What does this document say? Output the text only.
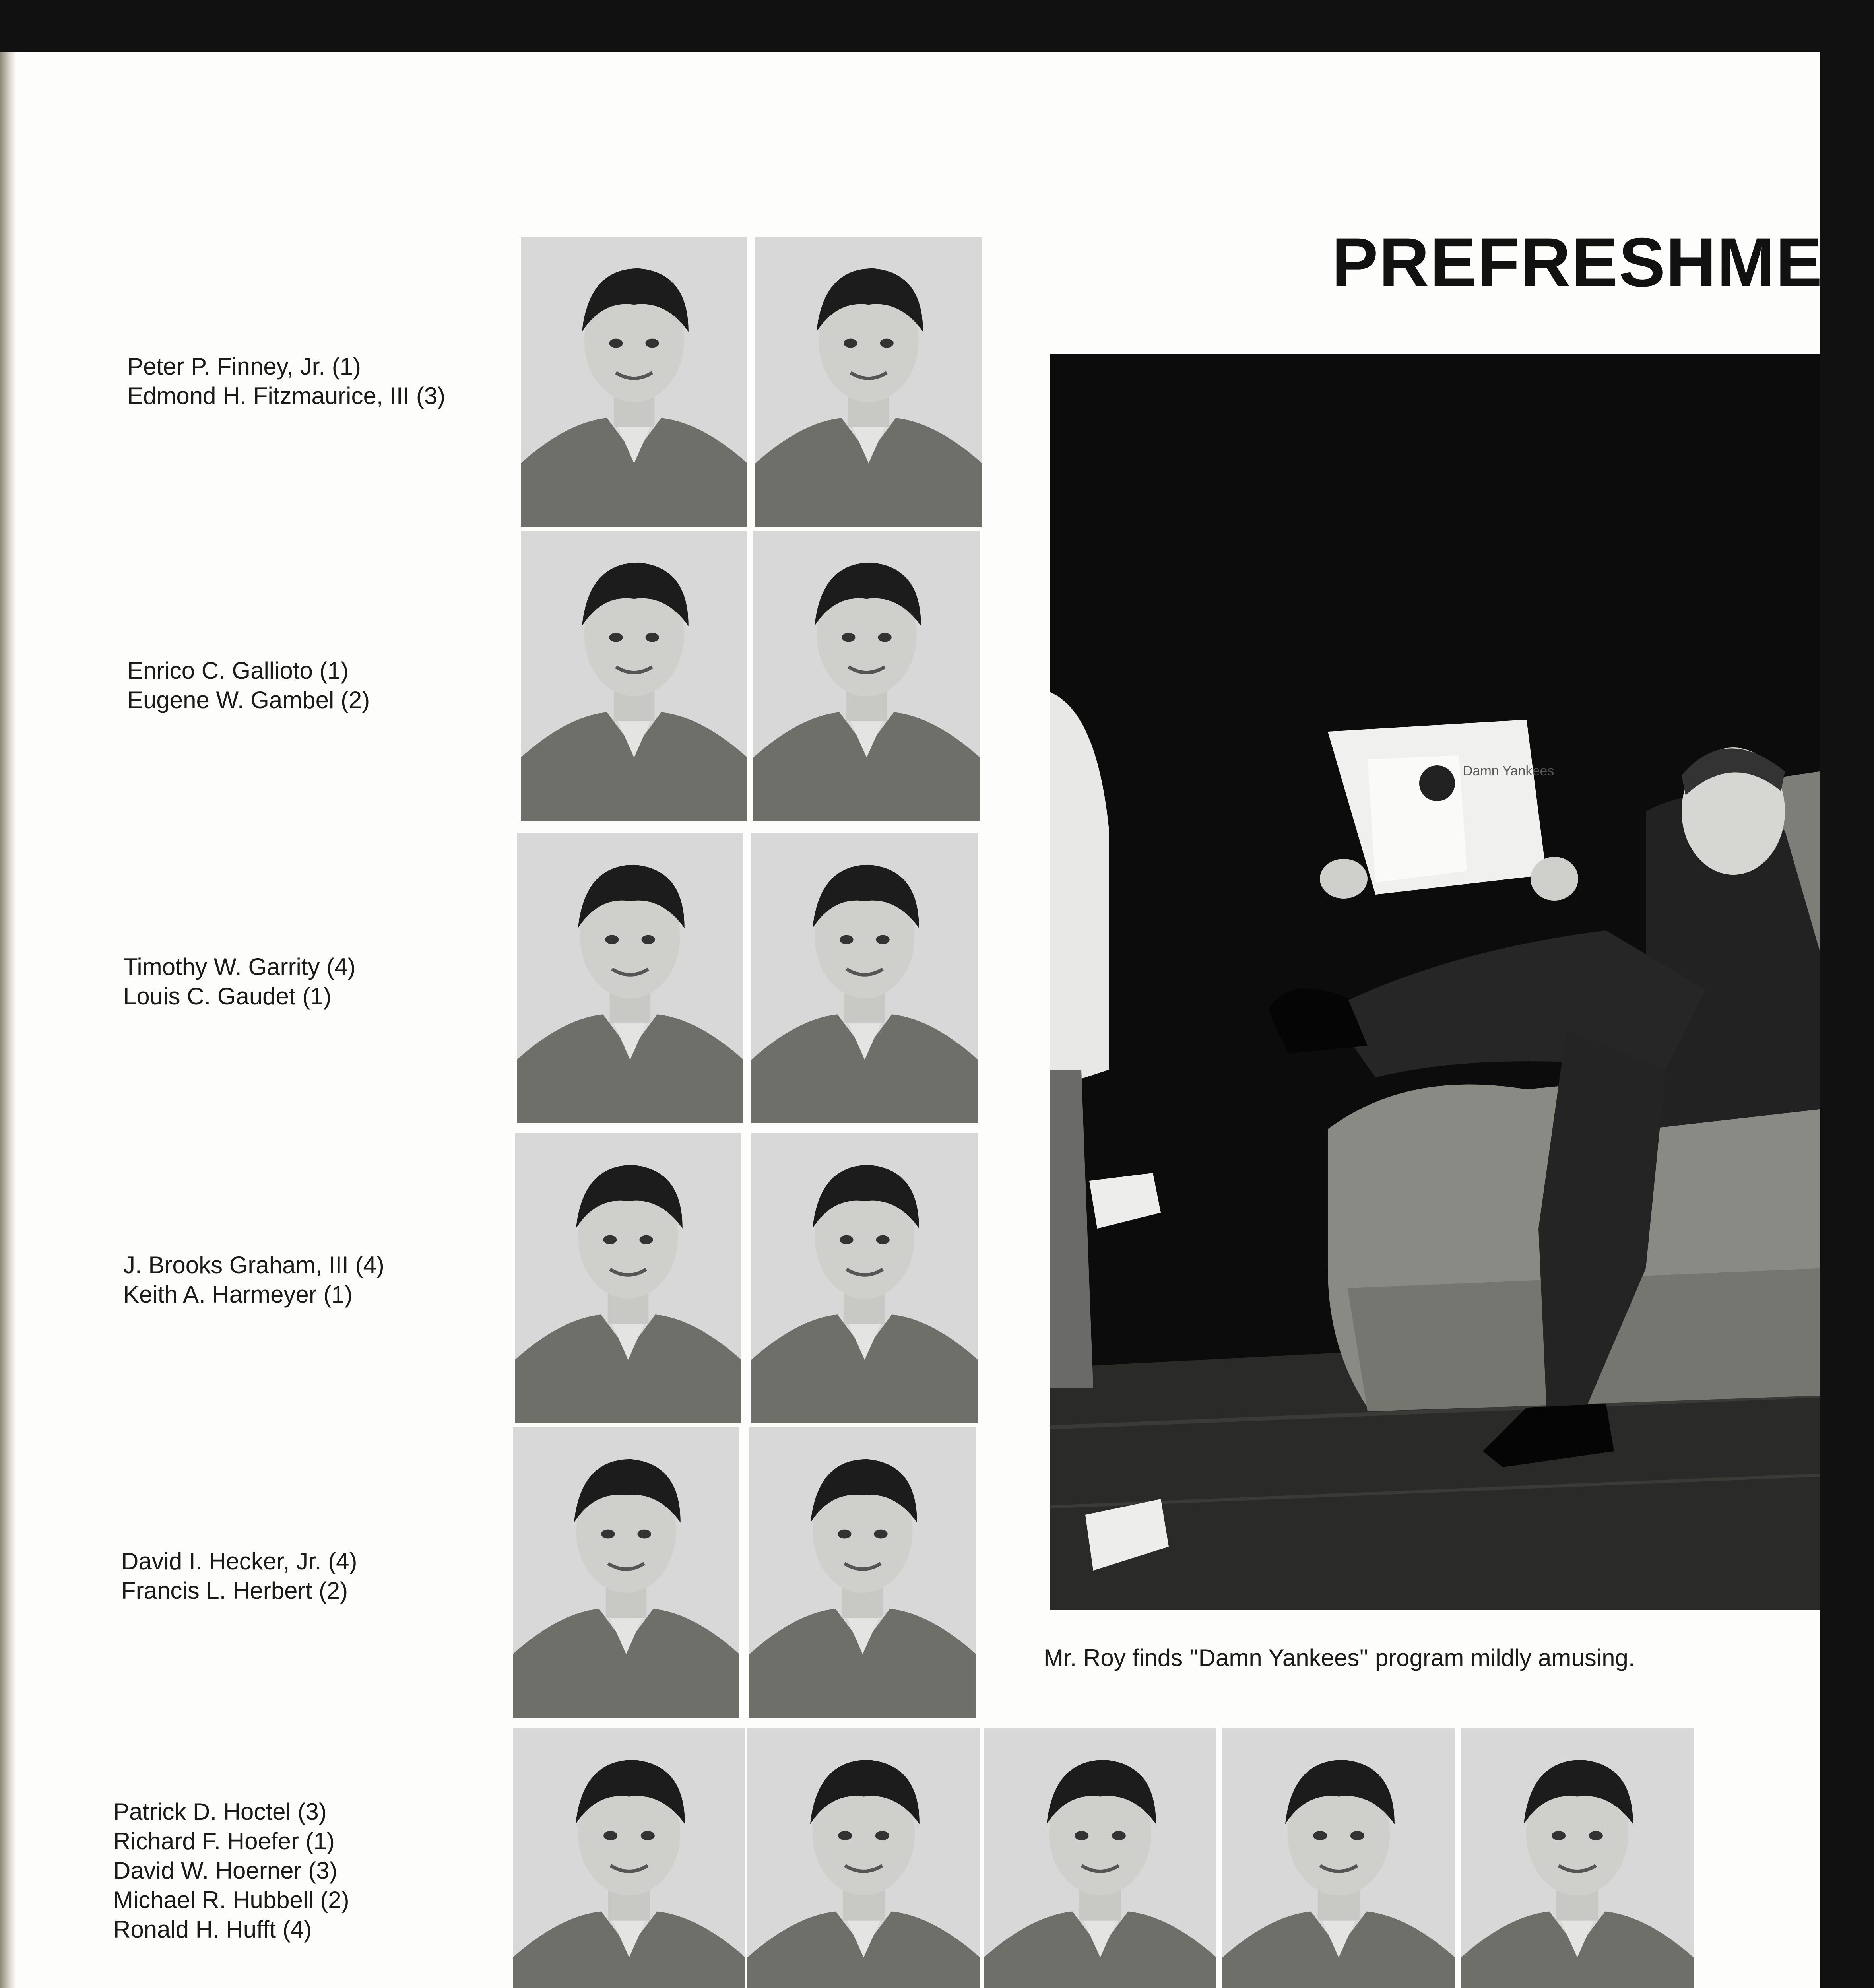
PREFRESHMEN
Peter P. Finney, Jr. (1)
Edmond H. Fitzmaurice, III (3)
Enrico C. Gallioto (1)
Eugene W. Gambel (2)
Timothy W. Garrity (4)
Louis C. Gaudet (1)
J. Brooks Graham, III (4)
Keith A. Harmeyer (1)
David I. Hecker, Jr. (4)
Francis L. Herbert (2)
Patrick D. Hoctel (3)
Richard F. Hoefer (1)
David W. Hoerner (3)
Michael R. Hubbell (2)
Ronald H. Hufft (4)
Damn Yankees
Mr. Roy finds ''Damn Yankees'' program mildly amusing.
